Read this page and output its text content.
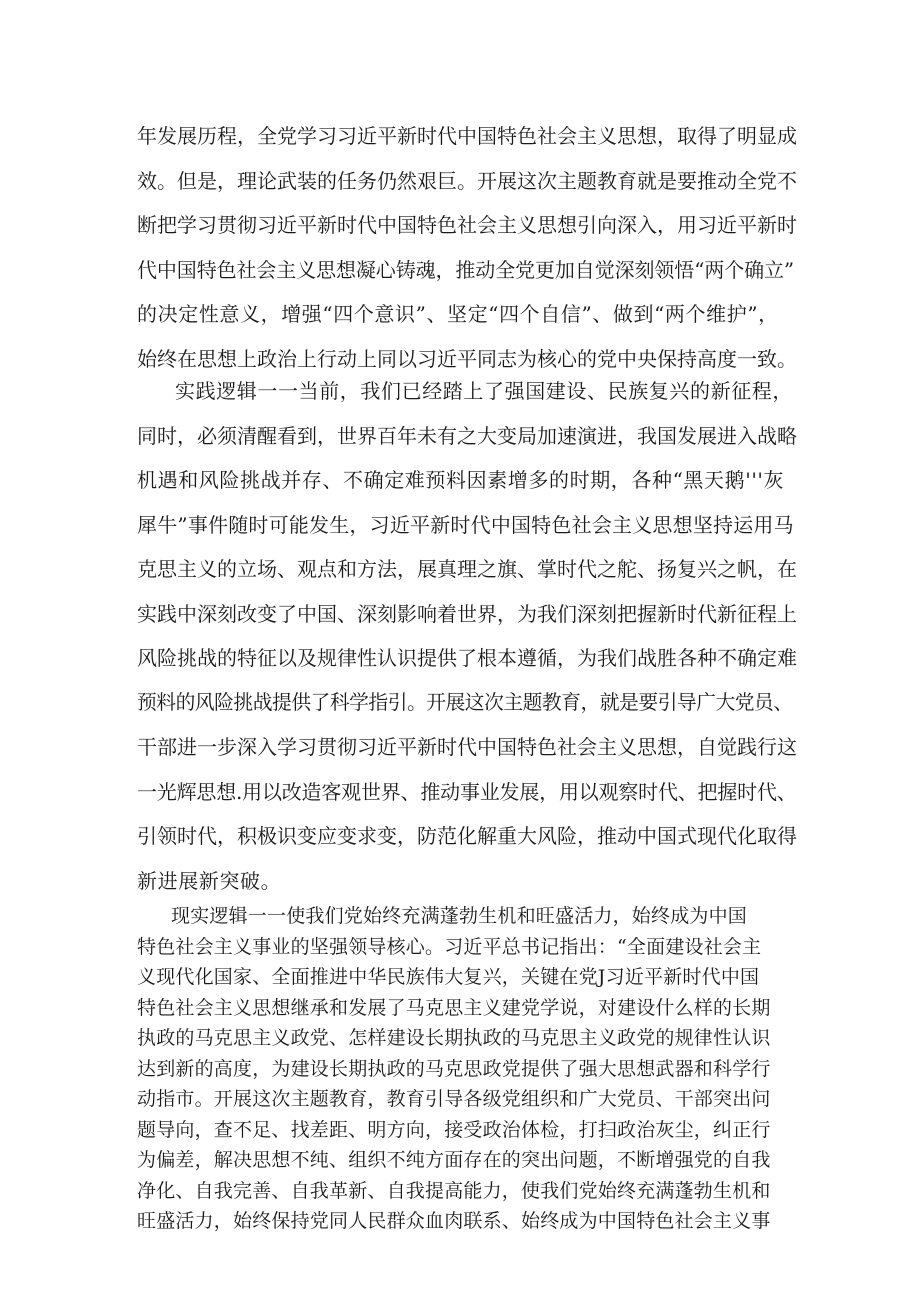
年发展历程，全党学习习近平新时代中国特色社会主义思想，取得了明显成
效。但是，理论武装的任务仍然艰巨。开展这次主题教育就是要推动全党不
断把学习贯彻习近平新时代中国特色社会主义思想引向深入，用习近平新时
代中国特色社会主义思想凝心铸魂，推动全党更加自觉深刻领悟“两个确立”
的决定性意义，增强“四个意识”、坚定“四个自信”、做到“两个维护”，
始终在思想上政治上行动上同以习近平同志为核心的党中央保持高度一致。
实践逻辑一一当前，我们已经踏上了强国建设、民族复兴的新征程，
同时，必须清醒看到，世界百年未有之大变局加速演进，我国发展进入战略
机遇和风险挑战并存、不确定难预料因素增多的时期，各种“黑天鹅'''灰
犀牛”事件随时可能发生，习近平新时代中国特色社会主义思想坚持运用马
克思主义的立场、观点和方法，展真理之旗、掌时代之舵、扬复兴之帆，在
实践中深刻改变了中国、深刻影响着世界，为我们深刻把握新时代新征程上
风险挑战的特征以及规律性认识提供了根本遵循，为我们战胜各种不确定难
预料的风险挑战提供了科学指引。开展这次主题教育，就是要引导广大党员、
干部进一步深入学习贯彻习近平新时代中国特色社会主义思想，自觉践行这
一光辉思想.用以改造客观世界、推动事业发展，用以观察时代、把握时代、
引领时代，积极识变应变求变，防范化解重大风险，推动中国式现代化取得
新进展新突破。
现实逻辑一一使我们党始终充满蓬勃生机和旺盛活力，始终成为中国
特色社会主义事业的坚强领导核心。习近平总书记指出：“全面建设社会主
义现代化国家、全面推进中华民族伟大复兴，关键在党J习近平新时代中国
特色社会主义思想继承和发展了马克思主义建党学说，对建设什么样的长期
执政的马克思主义政党、怎样建设长期执政的马克思主义政党的规律性认识
达到新的高度，为建设长期执政的马克思政党提供了强大思想武器和科学行
动指市。开展这次主题教育，教育引导各级党组织和广大党员、干部突出问
题导向，查不足、找差距、明方向，接受政治体检，打扫政治灰尘，纠正行
为偏差，解决思想不纯、组织不纯方面存在的突出问题，不断增强党的自我
净化、自我完善、自我革新、自我提高能力，使我们党始终充满蓬勃生机和
旺盛活力，始终保持党同人民群众血肉联系、始终成为中国特色社会主义事
